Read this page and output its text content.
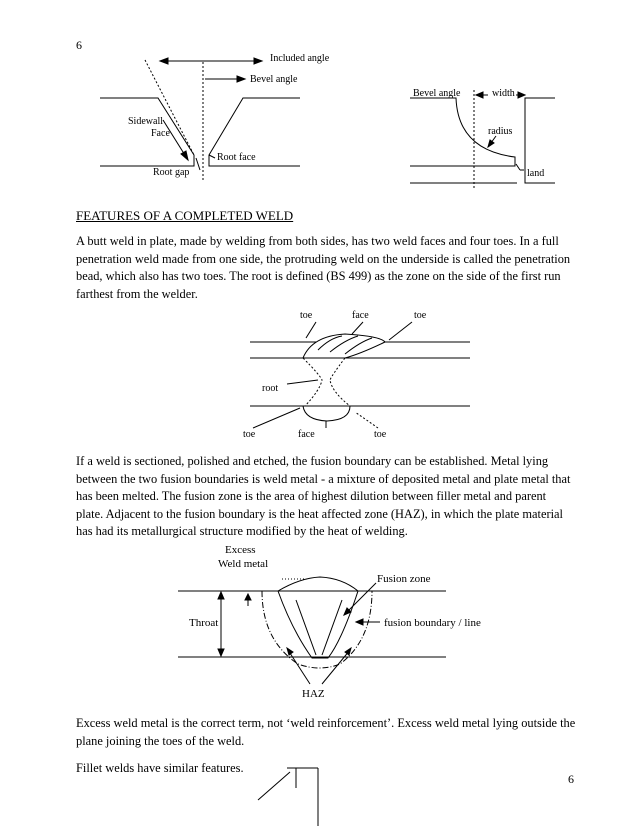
6
Included angle
Bevel angle
Sidewall
Face
Root face
Root gap
Bevel angle	width
radius
land
FEATURES OF A COMPLETED WELD
A butt weld in plate, made by welding from both sides, has two weld faces and four toes. In a full penetration weld made from one side, the protruding weld on the underside is called the penetration bead, which also has two toes. The root is defined (BS 499) as the zone on the side of the first run farthest from the welder.
toe	face	toe
root
toe	face	toe
If a weld is sectioned, polished and etched, the fusion boundary can be established. Metal lying between the two fusion boundaries is weld metal - a mixture of deposited metal and plate metal that has been melted. The fusion zone is the area of highest dilution between filler metal and parent plate. Adjacent to the fusion boundary is the heat affected zone (HAZ), in which the plate material has had its metallurgical structure modified by the heat of welding.
Excess
Weld metal
Fusion zone
Throat	fusion boundary / line
HAZ
Excess weld metal is the correct term, not ‘weld reinforcement’. Excess weld metal lying outside the plane joining the toes of the weld.
Fillet welds have similar features.
6
